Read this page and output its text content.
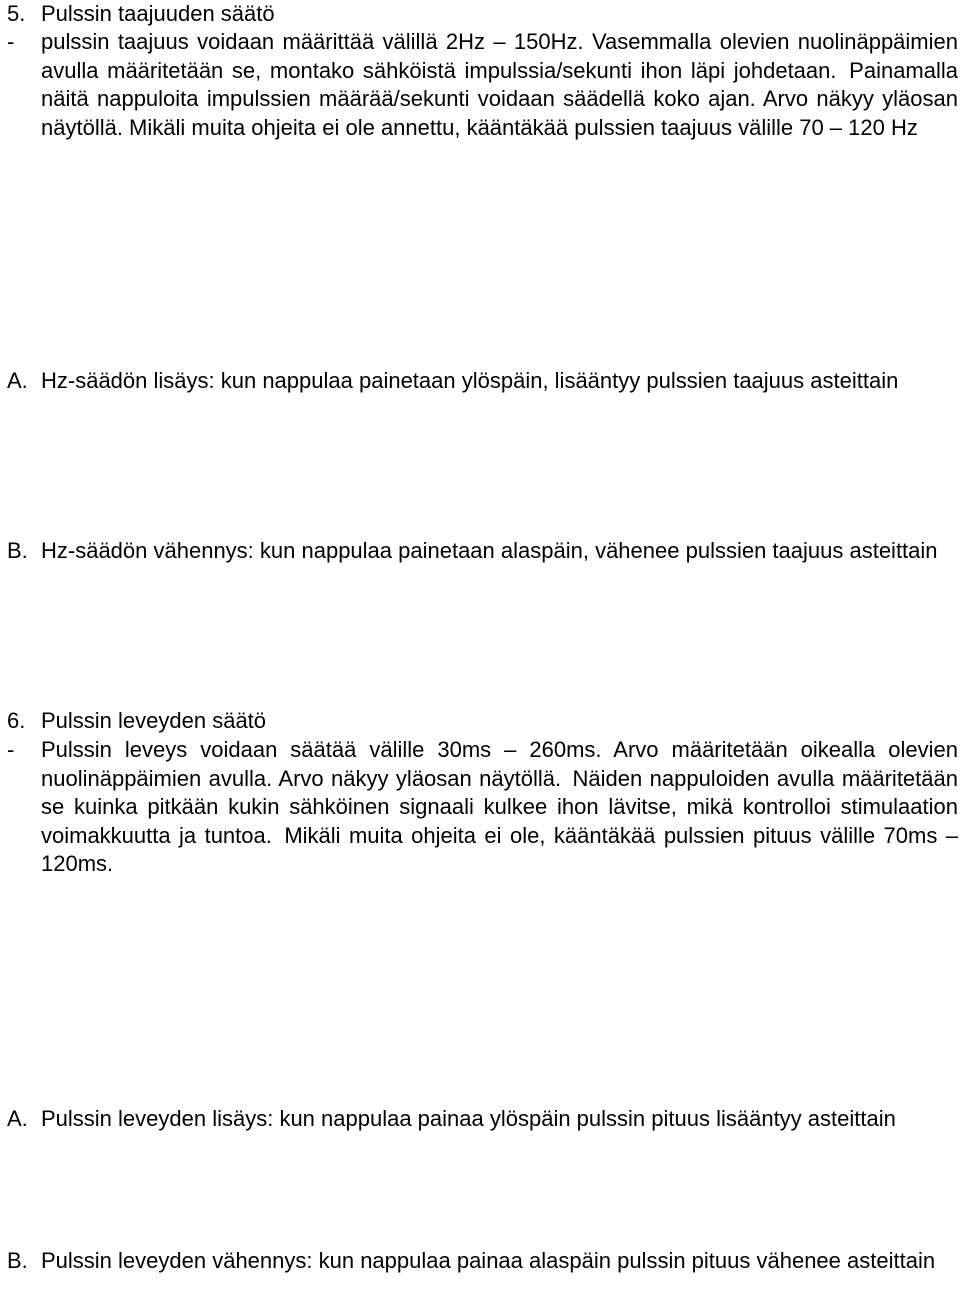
5. Pulssin taajuuden säätö
-	pulssin taajuus voidaan määrittää välillä 2Hz – 150Hz. Vasemmalla olevien nuolinäppäimien avulla määritetään se, montako sähköistä impulssia/sekunti ihon läpi johdetaan. Painamalla näitä nappuloita impulssien määrää/sekunti voidaan säädellä koko ajan. Arvo näkyy yläosan näytöllä. Mikäli muita ohjeita ei ole annettu, kääntäkää pulssien taajuus välille 70 – 120 Hz
A. Hz-säädön lisäys: kun nappulaa painetaan ylöspäin, lisääntyy pulssien taajuus asteittain
B. Hz-säädön vähennys: kun nappulaa painetaan alaspäin, vähenee pulssien taajuus asteittain
6. Pulssin leveyden säätö
-	Pulssin leveys voidaan säätää välille 30ms – 260ms. Arvo määritetään oikealla olevien nuolinäppäimien avulla. Arvo näkyy yläosan näytöllä. Näiden nappuloiden avulla määritetään se kuinka pitkään kukin sähköinen signaali kulkee ihon lävitse, mikä kontrolloi stimulaation voimakkuutta ja tuntoa. Mikäli muita ohjeita ei ole, kääntäkää pulssien pituus välille 70ms – 120ms.
A. Pulssin leveyden lisäys: kun nappulaa painaa ylöspäin pulssin pituus lisääntyy asteittain
B. Pulssin leveyden vähennys: kun nappulaa painaa alaspäin pulssin pituus vähenee asteittain
